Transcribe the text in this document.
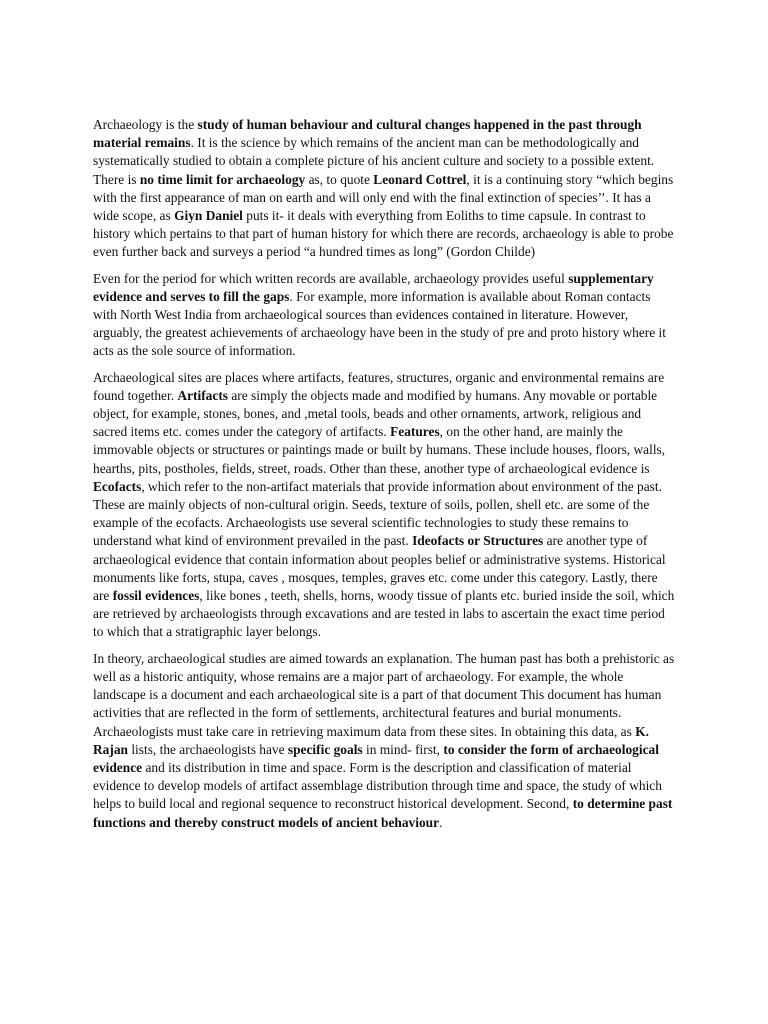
Archaeology is the study of human behaviour and cultural changes happened in the past through material remains. It is the science by which remains of the ancient man can be methodologically and systematically studied to obtain a complete picture of his ancient culture and society to a possible extent. There is no time limit for archaeology as, to quote Leonard Cottrel, it is a continuing story “which begins with the first appearance of man on earth and will only end with the final extinction of species’’. It has a wide scope, as Giyn Daniel puts it- it deals with everything from Eoliths to time capsule. In contrast to history which pertains to that part of human history for which there are records, archaeology is able to probe even further back and surveys a period “a hundred times as long” (Gordon Childe)

Even for the period for which written records are available, archaeology provides useful supplementary evidence and serves to fill the gaps. For example, more information is available about Roman contacts with North West India from archaeological sources than evidences contained in literature. However, arguably, the greatest achievements of archaeology have been in the study of pre and proto history where it acts as the sole source of information.

Archaeological sites are places where artifacts, features, structures, organic and environmental remains are found together. Artifacts are simply the objects made and modified by humans. Any movable or portable object, for example, stones, bones, and ,metal tools, beads and other ornaments, artwork, religious and sacred items etc. comes under the category of artifacts. Features, on the other hand, are mainly the immovable objects or structures or paintings made or built by humans. These include houses, floors, walls, hearths, pits, postholes, fields, street, roads. Other than these, another type of archaeological evidence is Ecofacts, which refer to the non-artifact materials that provide information about environment of the past. These are mainly objects of non-cultural origin. Seeds, texture of soils, pollen, shell etc. are some of the example of the ecofacts. Archaeologists use several scientific technologies to study these remains to understand what kind of environment prevailed in the past. Ideofacts or Structures are another type of archaeological evidence that contain information about peoples belief or administrative systems. Historical monuments like forts, stupa, caves , mosques, temples, graves etc. come under this category. Lastly, there are fossil evidences, like bones , teeth, shells, horns, woody tissue of plants etc. buried inside the soil, which are retrieved by archaeologists through excavations and are tested in labs to ascertain the exact time period to which that a stratigraphic layer belongs.

In theory, archaeological studies are aimed towards an explanation. The human past has both a prehistoric as well as a historic antiquity, whose remains are a major part of archaeology. For example, the whole landscape is a document and each archaeological site is a part of that document This document has human activities that are reflected in the form of settlements, architectural features and burial monuments. Archaeologists must take care in retrieving maximum data from these sites. In obtaining this data, as K. Rajan lists, the archaeologists have specific goals in mind- first, to consider the form of archaeological evidence and its distribution in time and space. Form is the description and classification of material evidence to develop models of artifact assemblage distribution through time and space, the study of which helps to build local and regional sequence to reconstruct historical development. Second, to determine past functions and thereby construct models of ancient behaviour.
